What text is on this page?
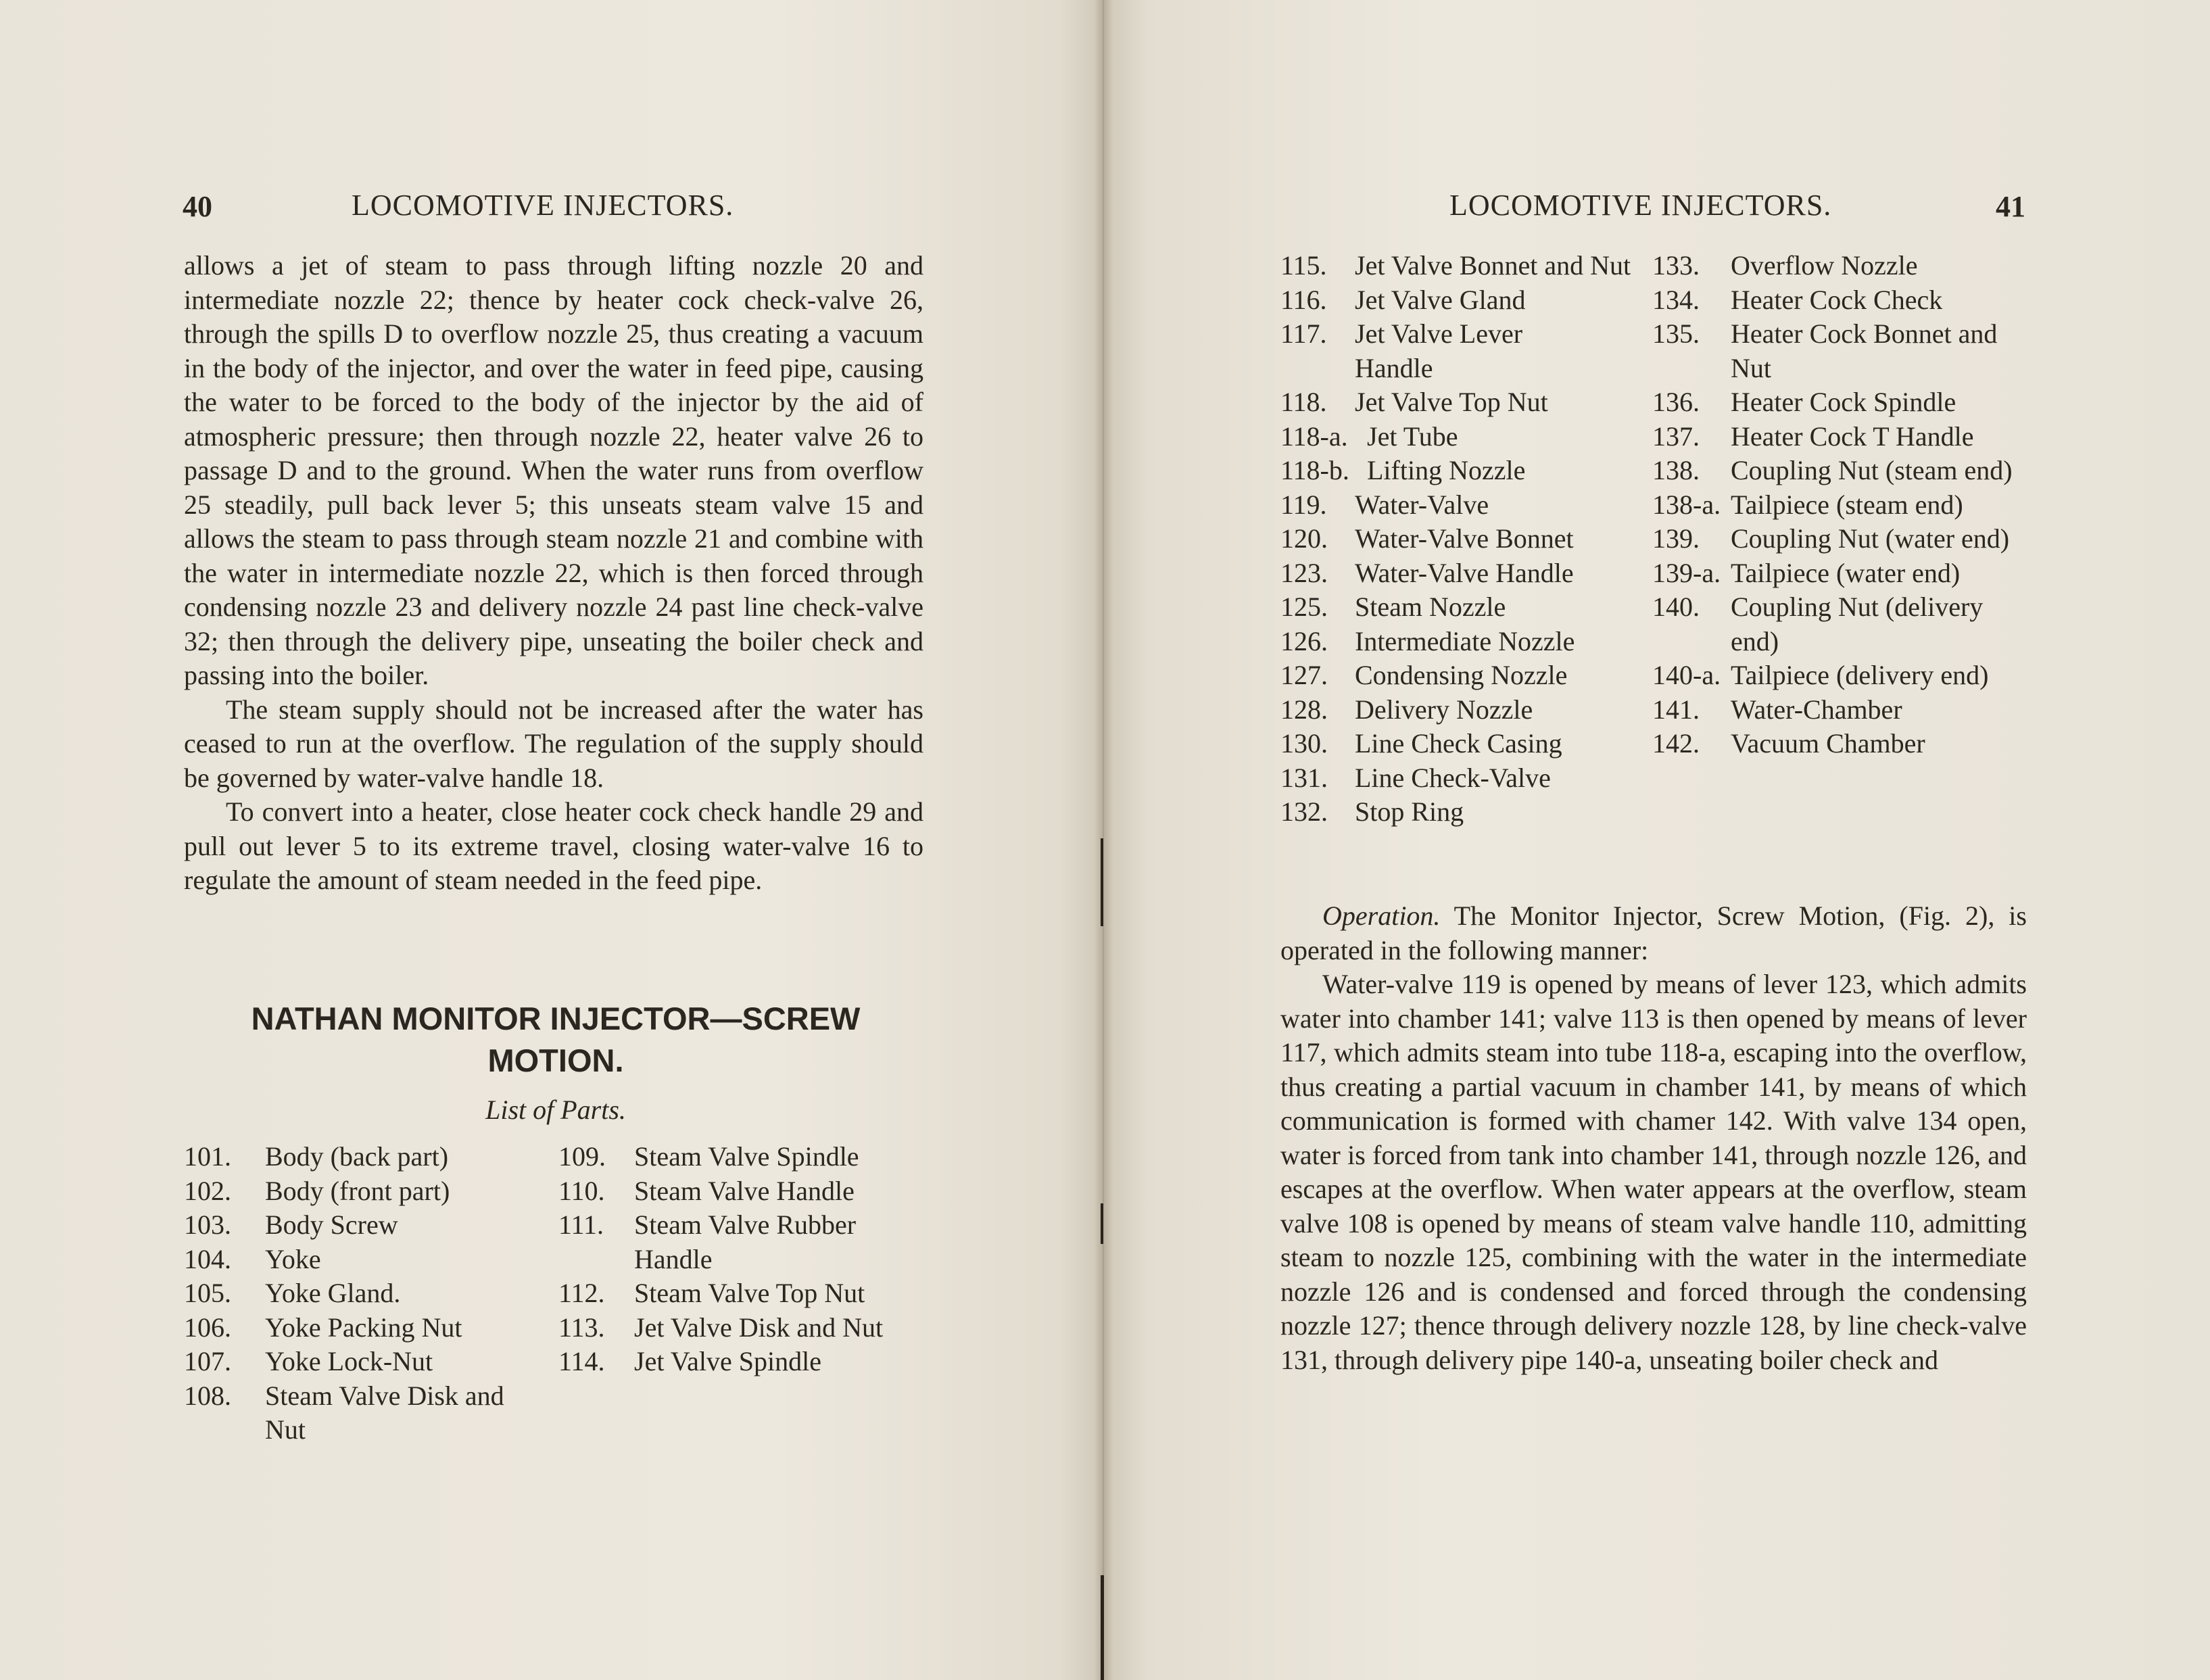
40	LOCOMOTIVE INJECTORS.

allows a jet of steam to pass through lifting nozzle 20 and intermediate nozzle 22; thence by heater cock check-valve 26, through the spills D to overflow nozzle 25, thus creating a vacuum in the body of the injector, and over the water in feed pipe, causing the water to be forced to the body of the injector by the aid of atmospheric pressure; then through nozzle 22, heater valve 26 to passage D and to the ground. When the water runs from overflow 25 steadily, pull back lever 5; this unseats steam valve 15 and allows the steam to pass through steam nozzle 21 and combine with the water in intermediate nozzle 22, which is then forced through condensing nozzle 23 and delivery nozzle 24 past line check-valve 32; then through the delivery pipe, unseating the boiler check and passing into the boiler.

The steam supply should not be increased after the water has ceased to run at the overflow. The regulation of the supply should be governed by water-valve handle 18.

To convert into a heater, close heater cock check handle 29 and pull out lever 5 to its extreme travel, closing water-valve 16 to regulate the amount of steam needed in the feed pipe.

NATHAN MONITOR INJECTOR—SCREW MOTION.
List of Parts.
101.	Body (back part)
102.	Body (front part)
103.	Body Screw
104.	Yoke
105.	Yoke Gland.
106.	Yoke Packing Nut
107.	Yoke Lock-Nut
108.	Steam Valve Disk and Nut
109.	Steam Valve Spindle
110.	Steam Valve Handle
111.	Steam Valve Rubber Handle
112.	Steam Valve Top Nut
113.	Jet Valve Disk and Nut
114.	Jet Valve Spindle
LOCOMOTIVE INJECTORS.	41
115.	Jet Valve Bonnet and Nut
116.	Jet Valve Gland
117.	Jet Valve Lever Handle
118.	Jet Valve Top Nut
118-a. Jet Tube
118-b. Lifting Nozzle
119.	Water-Valve
120.	Water-Valve Bonnet
123.	Water-Valve Handle
125.	Steam Nozzle
126.	Intermediate Nozzle
127.	Condensing Nozzle
128.	Delivery Nozzle
130.	Line Check Casing
131.	Line Check-Valve
132.	Stop Ring
133.	Overflow Nozzle
134.	Heater Cock Check
135.	Heater Cock Bonnet and Nut
136.	Heater Cock Spindle
137.	Heater Cock T Handle
138.	Coupling Nut (steam end)
138-a. Tailpiece (steam end)
139.	Coupling Nut (water end)
139-a. Tailpiece (water end)
140.	Coupling Nut (delivery end)
140-a. Tailpiece (delivery end)
141.	Water-Chamber
142.	Vacuum Chamber

Operation. The Monitor Injector, Screw Motion, (Fig. 2), is operated in the following manner:

Water-valve 119 is opened by means of lever 123, which admits water into chamber 141; valve 113 is then opened by means of lever 117, which admits steam into tube 118-a, escaping into the overflow, thus creating a partial vacuum in chamber 141, by means of which communication is formed with chamer 142. With valve 134 open, water is forced from tank into chamber 141, through nozzle 126, and escapes at the overflow. When water appears at the overflow, steam valve 108 is opened by means of steam valve handle 110, admitting steam to nozzle 125, combining with the water in the intermediate nozzle 126 and is condensed and forced through the condensing nozzle 127; thence through delivery nozzle 128, by line check-valve 131, through delivery pipe 140-a, unseating boiler check and
